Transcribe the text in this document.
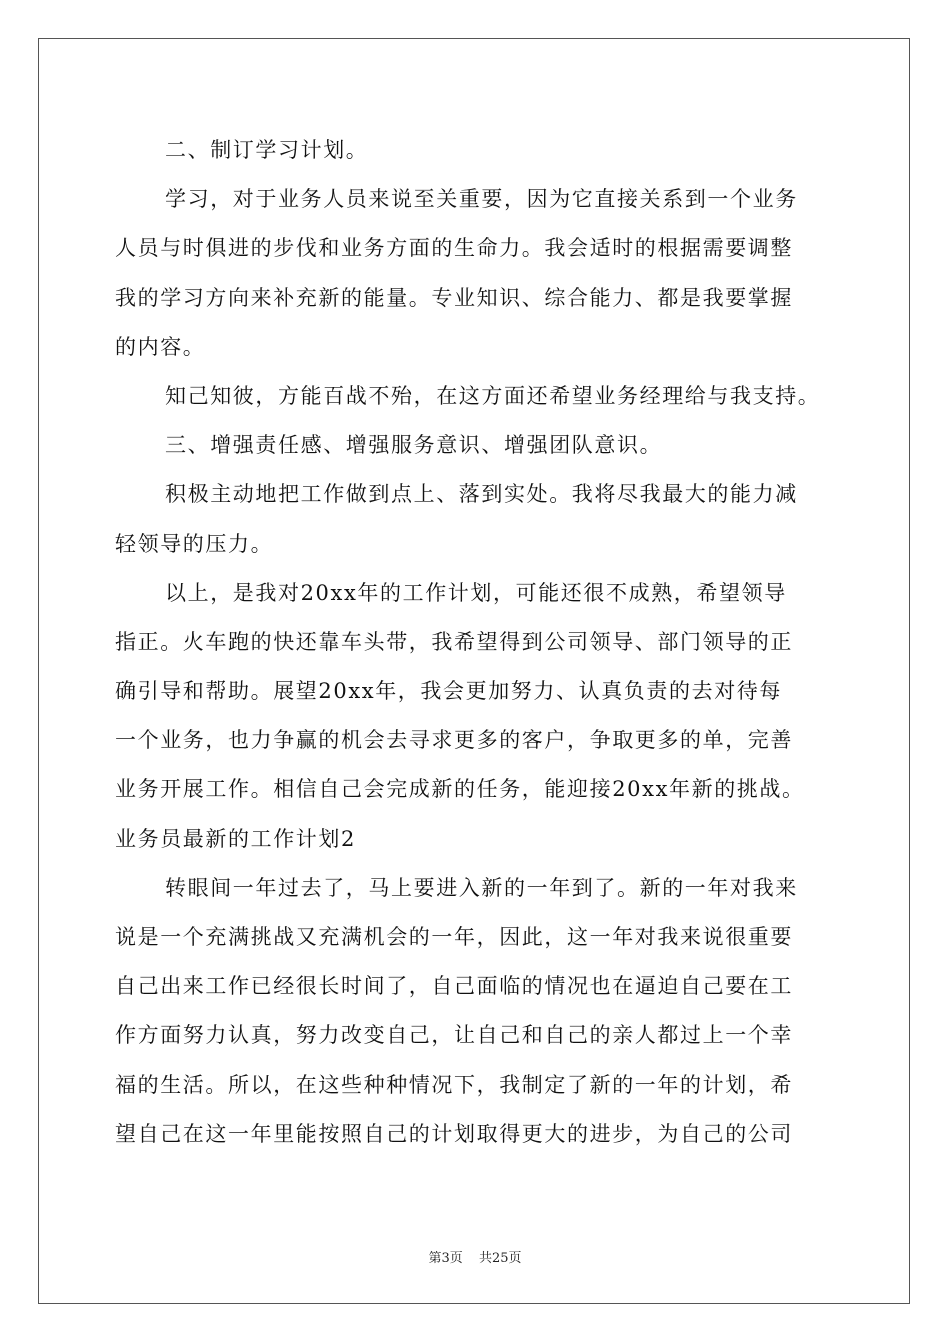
二、制订学习计划。
学习，对于业务人员来说至关重要，因为它直接关系到一个业务
人员与时俱进的步伐和业务方面的生命力。我会适时的根据需要调整
我的学习方向来补充新的能量。专业知识、综合能力、都是我要掌握
的内容。
知己知彼，方能百战不殆，在这方面还希望业务经理给与我支持。
三、增强责任感、增强服务意识、增强团队意识。
积极主动地把工作做到点上、落到实处。我将尽我最大的能力减
轻领导的压力。
以上，是我对20xx年的工作计划，可能还很不成熟，希望领导
指正。火车跑的快还靠车头带，我希望得到公司领导、部门领导的正
确引导和帮助。展望20xx年，我会更加努力、认真负责的去对待每
一个业务，也力争赢的机会去寻求更多的客户，争取更多的单，完善
业务开展工作。相信自己会完成新的任务，能迎接20xx年新的挑战。
业务员最新的工作计划2
转眼间一年过去了，马上要进入新的一年到了。新的一年对我来
说是一个充满挑战又充满机会的一年，因此，这一年对我来说很重要
自己出来工作已经很长时间了，自己面临的情况也在逼迫自己要在工
作方面努力认真，努力改变自己，让自己和自己的亲人都过上一个幸
福的生活。所以，在这些种种情况下，我制定了新的一年的计划，希
望自己在这一年里能按照自己的计划取得更大的进步，为自己的公司
第3页 共25页
